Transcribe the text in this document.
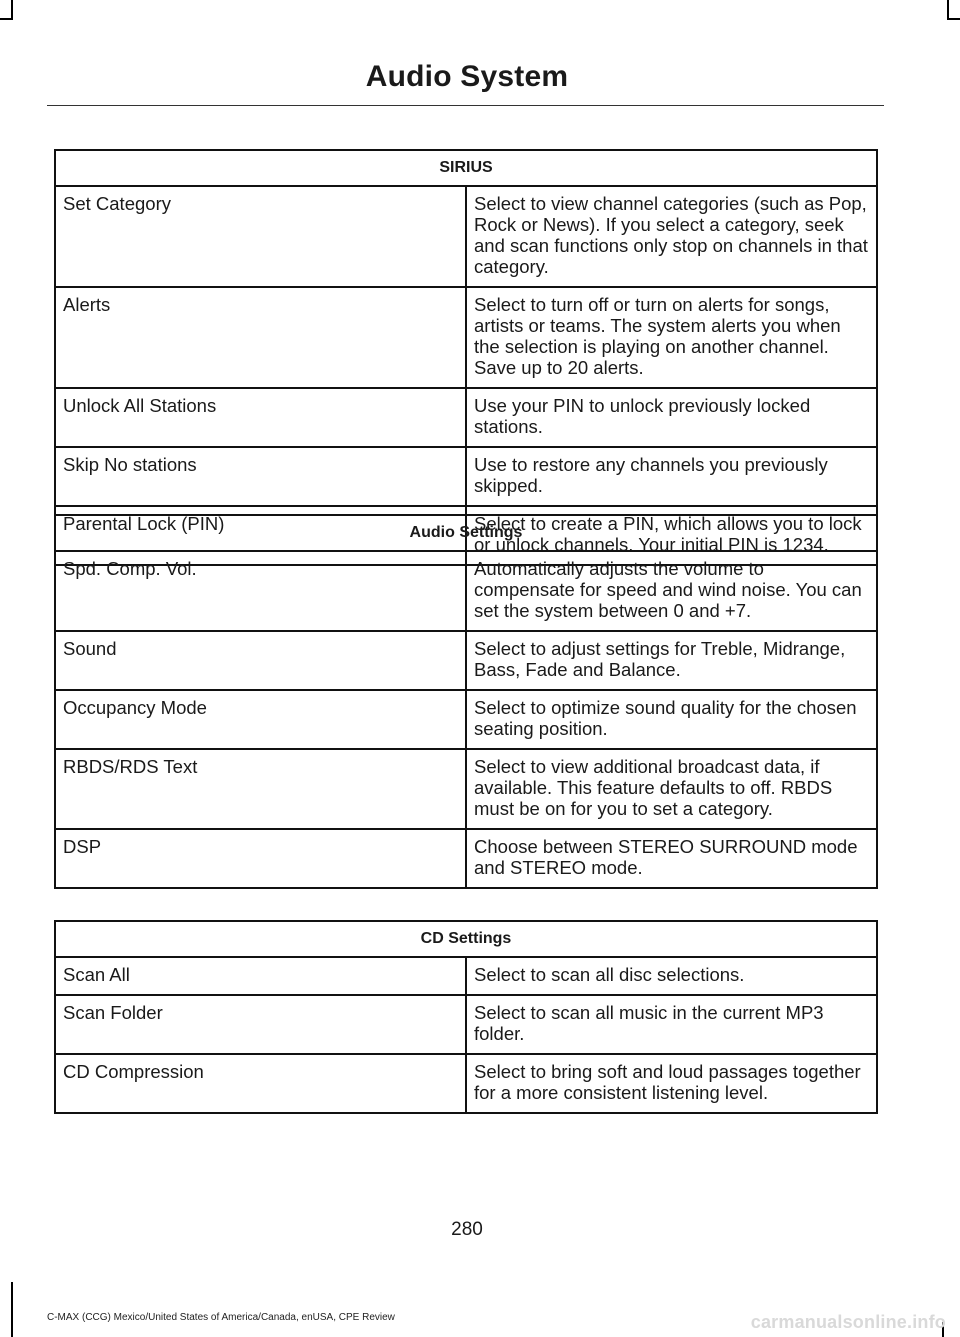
Audio System
SIRIUS	
Set Category	Select to view channel categories (such as Pop, Rock or News). If you select a category, seek and scan functions only stop on channels in that category.
Alerts	Select to turn off or turn on alerts for songs, artists or teams. The system alerts you when the selection is playing on another channel. Save up to 20 alerts.
Unlock All Stations	Use your PIN to unlock previously locked stations.
Skip No stations	Use to restore any channels you previously skipped.
Parental Lock (PIN)	Select to create a PIN, which allows you to lock or unlock channels. Your initial PIN is 1234.
Audio Settings	
Spd. Comp. Vol.	Automatically adjusts the volume to compensate for speed and wind noise. You can set the system between 0 and +7.
Sound	Select to adjust settings for Treble, Midrange, Bass, Fade and Balance.
Occupancy Mode	Select to optimize sound quality for the chosen seating position.
RBDS/RDS Text	Select to view additional broadcast data, if available. This feature defaults to off. RBDS must be on for you to set a category.
DSP	Choose between STEREO SURROUND mode and STEREO mode.
CD Settings	
Scan All	Select to scan all disc selections.
Scan Folder	Select to scan all music in the current MP3 folder.
CD Compression	Select to bring soft and loud passages together for a more consistent listening level.
280
C-MAX (CCG) Mexico/United States of America/Canada, enUSA, CPE Review	carmanualsonline.info
